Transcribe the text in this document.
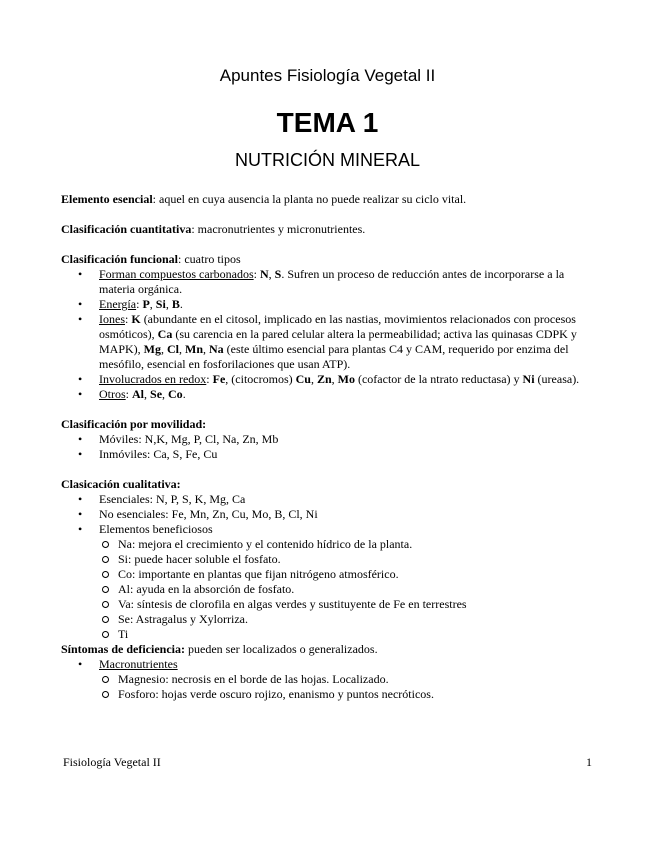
Apuntes Fisiología Vegetal II
TEMA 1
NUTRICIÓN MINERAL

Elemento esencial: aquel en cuya ausencia la planta no puede realizar su ciclo vital.

Clasificación cuantitativa: macronutrientes y micronutrientes.

Clasificación funcional: cuatro tipos

• Forman compuestos carbonados: N, S. Sufren un proceso de reducción antes de incorporarse a la materia orgánica.
• Energía: P, Si, B.
• Iones: K (abundante en el citosol, implicado en las nastias, movimientos relacionados con procesos osmóticos), Ca (su carencia en la pared celular altera la permeabilidad; activa las quinasas CDPK y MAPK), Mg, Cl, Mn, Na (este último esencial para plantas C4 y CAM, requerido por enzima del mesófilo, esencial en fosforilaciones que usan ATP).
• Involucrados en redox: Fe, (citocromos) Cu, Zn, Mo (cofactor de la ntrato reductasa) y Ni (ureasa).
• Otros: Al, Se, Co.

Clasificación por movilidad:

• Móviles: N,K, Mg, P, Cl, Na, Zn, Mb
• Inmóviles: Ca, S, Fe, Cu

Clasicación cualitativa:

• Esenciales: N, P, S, K, Mg, Ca
• No esenciales: Fe, Mn, Zn, Cu, Mo, B, Cl, Ni
• Elementos beneficiosos
Na: mejora el crecimiento y el contenido hídrico de la planta.
Si: puede hacer soluble el fosfato.
Co: importante en plantas que fijan nitrógeno atmosférico.
Al: ayuda en la absorción de fosfato.
Va: síntesis de clorofila en algas verdes y sustituyente de Fe en terrestres
Se: Astragalus y Xylorriza.
Ti

Síntomas de deficiencia: pueden ser localizados o generalizados.

• Macronutrientes
Magnesio: necrosis en el borde de las hojas. Localizado.
Fosforo: hojas verde oscuro rojizo, enanismo y puntos necróticos.
Fisiología Vegetal II	1
